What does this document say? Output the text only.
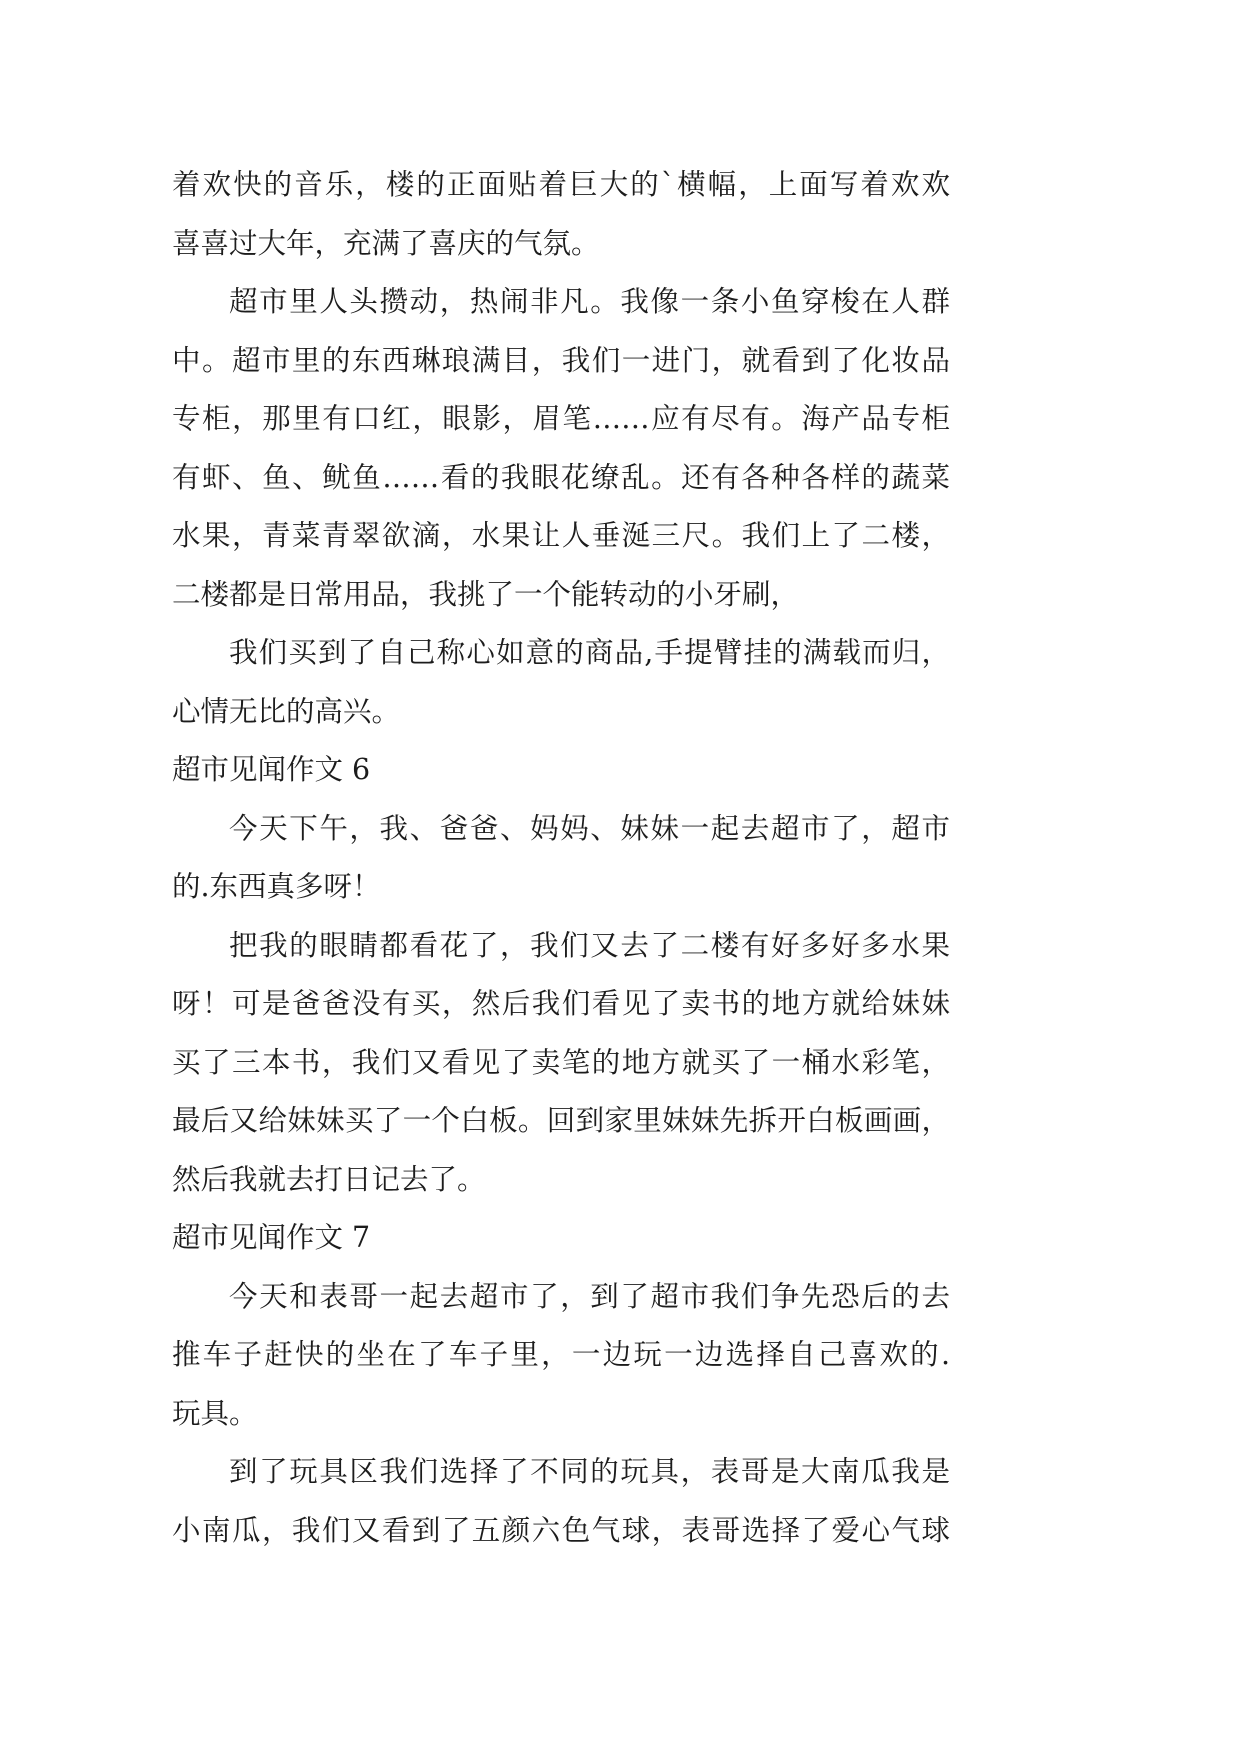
着欢快的音乐，楼的正面贴着巨大的`横幅，上面写着欢欢
喜喜过大年，充满了喜庆的气氛。
超市里人头攒动，热闹非凡。我像一条小鱼穿梭在人群
中。超市里的东西琳琅满目，我们一进门，就看到了化妆品
专柜，那里有口红，眼影，眉笔……应有尽有。海产品专柜
有虾、鱼、鱿鱼……看的我眼花缭乱。还有各种各样的蔬菜
水果，青菜青翠欲滴，水果让人垂涎三尺。我们上了二楼，
二楼都是日常用品，我挑了一个能转动的小牙刷，
我们买到了自己称心如意的商品,手提臂挂的满载而归，
心情无比的高兴。
超市见闻作文 6
今天下午，我、爸爸、妈妈、妹妹一起去超市了，超市
的.东西真多呀！
把我的眼睛都看花了，我们又去了二楼有好多好多水果
呀！可是爸爸没有买，然后我们看见了卖书的地方就给妹妹
买了三本书，我们又看见了卖笔的地方就买了一桶水彩笔，
最后又给妹妹买了一个白板。回到家里妹妹先拆开白板画画，
然后我就去打日记去了。
超市见闻作文 7
今天和表哥一起去超市了，到了超市我们争先恐后的去
推车子赶快的坐在了车子里，一边玩一边选择自己喜欢的.
玩具。
到了玩具区我们选择了不同的玩具，表哥是大南瓜我是
小南瓜，我们又看到了五颜六色气球，表哥选择了爱心气球
